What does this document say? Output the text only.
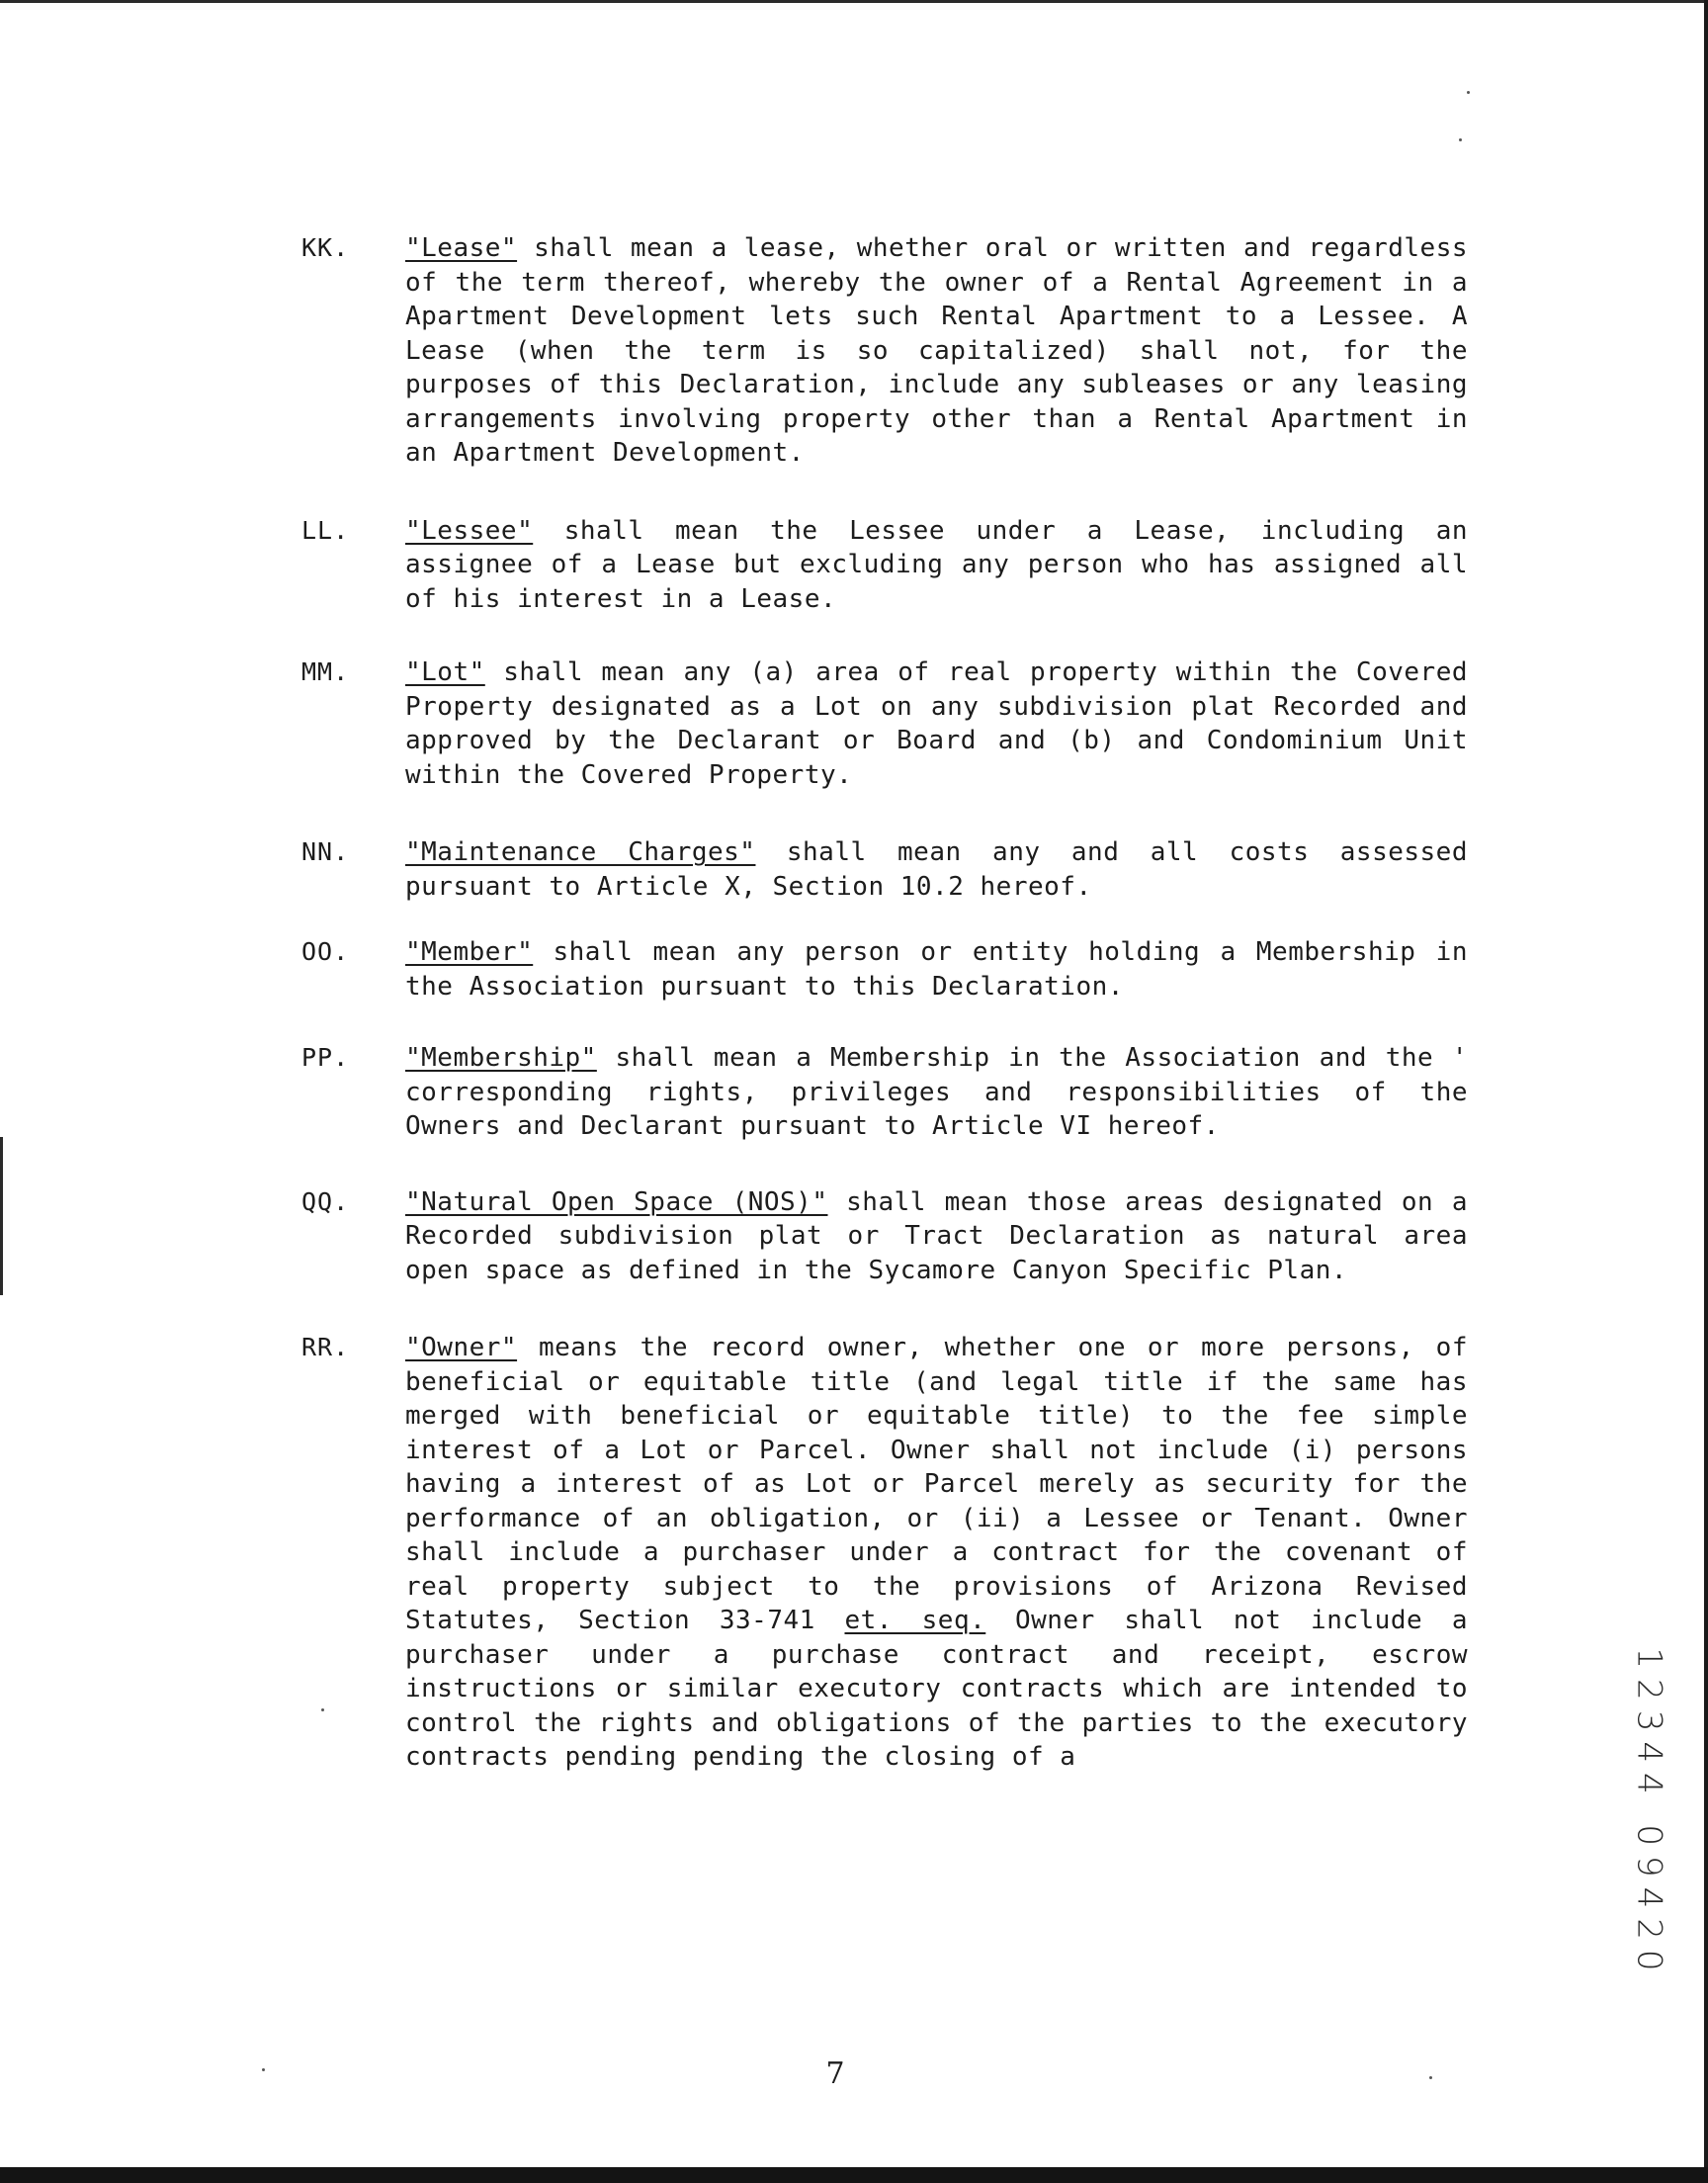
KK. "Lease" shall mean a lease, whether oral or written and regardless of the term thereof, whereby the owner of a Rental Agreement in a Apartment Development lets such Rental Apartment to a Lessee. A Lease (when the term is so capitalized) shall not, for the purposes of this Declaration, include any subleases or any leasing arrangements involving property other than a Rental Apartment in an Apartment Development.
LL. "Lessee" shall mean the Lessee under a Lease, including an assignee of a Lease but excluding any person who has assigned all of his interest in a Lease.
MM. "Lot" shall mean any (a) area of real property within the Covered Property designated as a Lot on any subdivision plat Recorded and approved by the Declarant or Board and (b) and Condominium Unit within the Covered Property.
NN. "Maintenance Charges" shall mean any and all costs assessed pursuant to Article X, Section 10.2 hereof.
OO. "Member" shall mean any person or entity holding a Membership in the Association pursuant to this Declaration.
PP. "Membership" shall mean a Membership in the Association and the ' corresponding rights, privileges and responsibilities of the Owners and Declarant pursuant to Article VI hereof.
QQ. "Natural Open Space (NOS)" shall mean those areas designated on a Recorded subdivision plat or Tract Declaration as natural area open space as defined in the Sycamore Canyon Specific Plan.
RR. "Owner" means the record owner, whether one or more persons, of beneficial or equitable title (and legal title if the same has merged with beneficial or equitable title) to the fee simple interest of a Lot or Parcel. Owner shall not include (i) persons having a interest of as Lot or Parcel merely as security for the performance of an obligation, or (ii) a Lessee or Tenant. Owner shall include a purchaser under a contract for the covenant of real property subject to the provisions of Arizona Revised Statutes, Section 33-741 et. seq. Owner shall not include a purchaser under a purchase contract and receipt, escrow instructions or similar executory contracts which are intended to control the rights and obligations of the parties to the executory contracts pending pending the closing of a	12344 09420
7
